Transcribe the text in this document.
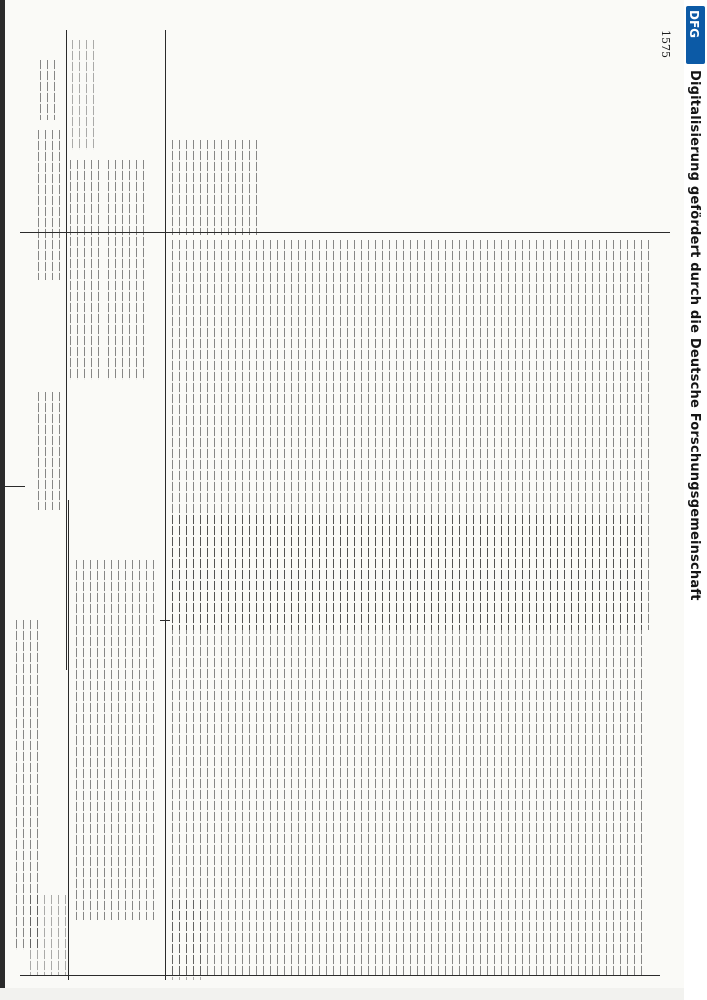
1575
DFG
Digitalisierung gefördert durch die Deutsche Forschungsgemeinschaft
